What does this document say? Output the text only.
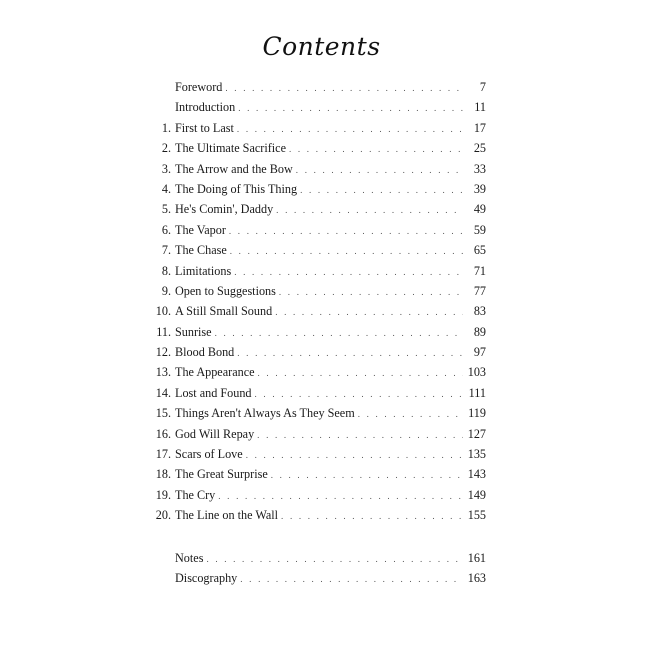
Contents
Foreword . . .	7
Introduction . . .	11
1. First to Last . . .	17
2. The Ultimate Sacrifice . . .	25
3. The Arrow and the Bow . . .	33
4. The Doing of This Thing . . .	39
5. He's Comin', Daddy . . .	49
6. The Vapor . . .	59
7. The Chase . . .	65
8. Limitations . . .	71
9. Open to Suggestions . . .	77
10. A Still Small Sound . . .	83
11. Sunrise . . .	89
12. Blood Bond . . .	97
13. The Appearance . . .	103
14. Lost and Found . . .	111
15. Things Aren't Always As They Seem . . .	119
16. God Will Repay . . .	127
17. Scars of Love . . .	135
18. The Great Surprise . . .	143
19. The Cry . . .	149
20. The Line on the Wall . . .	155
Notes . . .	161
Discography . . .	163
